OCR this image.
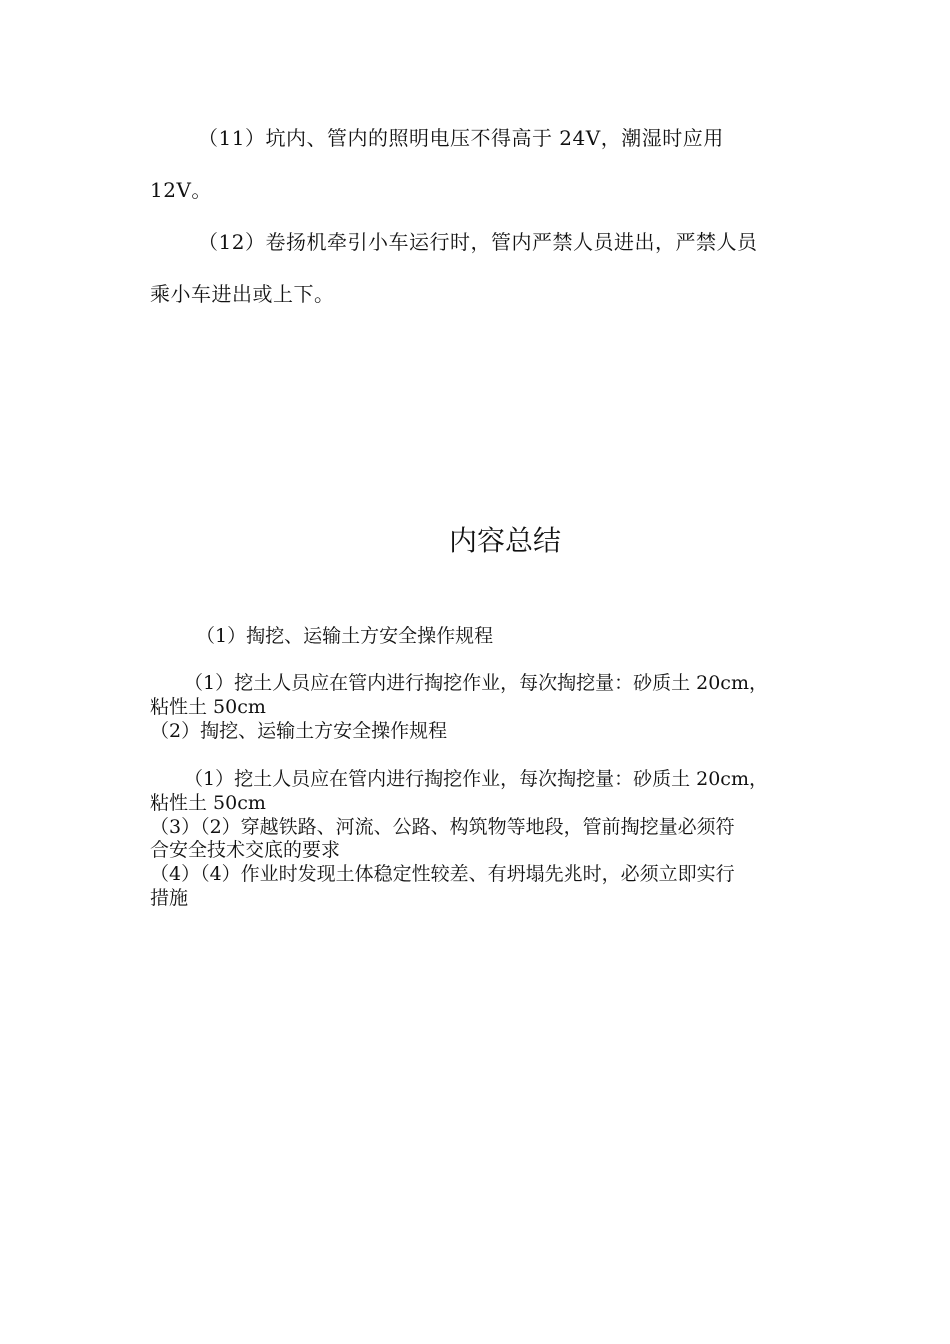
（11）坑内、管内的照明电压不得高于 24V，潮湿时应用
12V。
（12）卷扬机牵引小车运行时，管内严禁人员进出，严禁人员
乘小车进出或上下。
内容总结
（1）掏挖、运输土方安全操作规程
（1）挖土人员应在管内进行掏挖作业，每次掏挖量：砂质土 20cm，
粘性土 50cm
（2）掏挖、运输土方安全操作规程
（1）挖土人员应在管内进行掏挖作业，每次掏挖量：砂质土 20cm，
粘性土 50cm
（3）（2）穿越铁路、河流、公路、构筑物等地段，管前掏挖量必须符
合安全技术交底的要求
（4）（4）作业时发现土体稳定性较差、有坍塌先兆时，必须立即实行
措施
